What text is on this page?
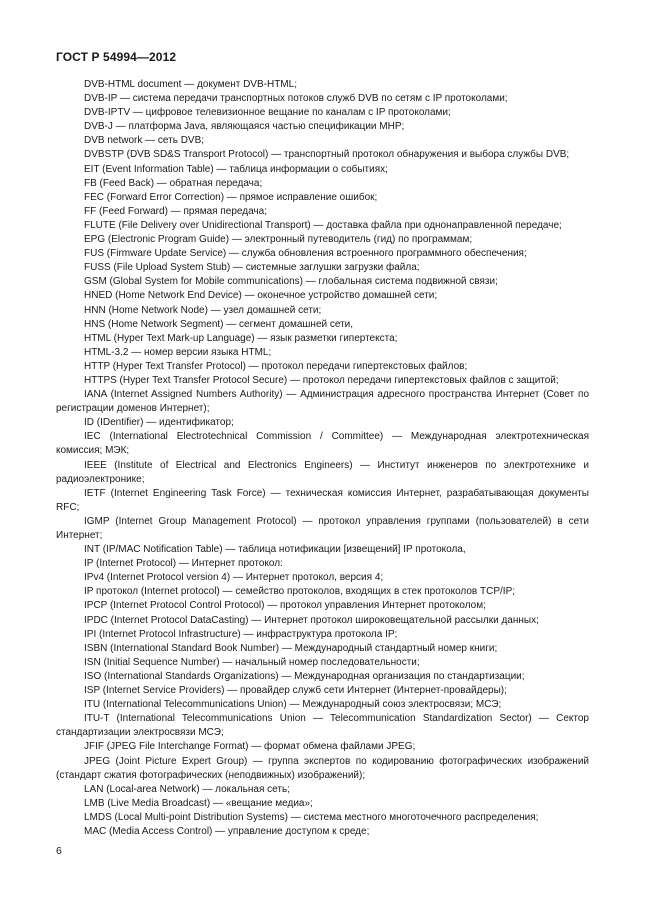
ГОСТ Р 54994—2012

DVB-HTML document — документ DVB-HTML;

DVB-IP — система передачи транспортных потоков служб DVB по сетям с IP протоколами;

DVB-IPTV — цифровое телевизионное вещание по каналам с IP протоколами;

DVB-J — платформа Java, являющаяся частью спецификации MHP;

DVB network — сеть DVB;

DVBSTP (DVB SD&S Transport Protocol) — транспортный протокол обнаружения и выбора службы DVB;

EIT (Event Information Table) — таблица информации о событиях;

FB (Feed Back) — обратная передача;

FEC (Forward Error Correction) — прямое исправление ошибок;

FF (Feed Forward) — прямая передача;

FLUTE (File Delivery over Unidirectional Transport) — доставка файла при однонаправленной передаче;

EPG (Electronic Program Guide) — электронный путеводитель (гид) по программам;

FUS (Firmware Update Service) — служба обновления встроенного программного обеспечения;

FUSS (File Upload System Stub) — системные заглушки загрузки файла;

GSM (Global System for Mobile communications) — глобальная система подвижной связи;

HNED (Home Network End Device) — оконечное устройство домашней сети;

HNN (Home Network Node) — узел домашней сети;

HNS (Home Network Segment) — сегмент домашней сети,

HTML (Hyper Text Mark-up Language) — язык разметки гипертекста;

HTML-3.2 — номер версии языка HTML;

HTTP (Hyper Text Transfer Protocol) — протокол передачи гипертекстовых файлов;

HTTPS (Hyper Text Transfer Protocol Secure) — протокол передачи гипертекстовых файлов с защитой;

IANA (Internet Assigned Numbers Authority) — Администрация адресного пространства Интернет (Совет по регистрации доменов Интернет);

ID (IDentifier) — идентификатор;

IEC (International Electrotechnical Commission / Committee) — Международная электротехническая комиссия; МЭК;

IEEE (Institute of Electrical and Electronics Engineers) — Институт инженеров по электротехнике и радиоэлектронике;

IETF (Internet Engineering Task Force) — техническая комиссия Интернет, разрабатывающая документы RFC;

IGMP (Internet Group Management Protocol) — протокол управления группами (пользователей) в сети Интернет;

INT (IP/MAC Notification Table) — таблица нотификации [извещений] IP протокола,

IP (Internet Protocol) — Интернет протокол:

IPv4 (Internet Protocol version 4) — Интернет протокол, версия 4;

IP протокол (Internet protocol) — семейство протоколов, входящих в стек протоколов TCP/IP;

IPCP (Internet Protocol Control Protocol) — протокол управления Интернет протоколом;

IPDC (Internet Protocol DataCasting) — Интернет протокол широковещательной рассылки данных;

IPI (Internet Protocol Infrastructure) — инфраструктура протокола IP;

ISBN (International Standard Book Number) — Международный стандартный номер книги;

ISN (Initial Sequence Number) — начальный номер последовательности;

ISO (International Standards Organizations) — Международная организация по стандартизации;

ISP (Internet Service Providers) — провайдер служб сети Интернет (Интернет-провайдеры);

ITU (International Telecommunications Union) — Международный союз электросвязи; МСЭ;

ITU-T (International Telecommunications Union — Telecommunication Standardization Sector) — Сектор стандартизации электросвязи МСЭ;

JFIF (JPEG File Interchange Format) — формат обмена файлами JPEG;

JPEG (Joint Picture Expert Group) — группа экспертов по кодированию фотографических изображений (стандарт сжатия фотографических (неподвижных) изображений);

LAN (Local-area Network) — локальная сеть;

LMB (Live Media Broadcast) — «вещание медиа»;

LMDS (Local Multi-point Distribution Systems) — система местного многоточечного распределения;

MAC (Media Access Control) — управление доступом к среде;

6
